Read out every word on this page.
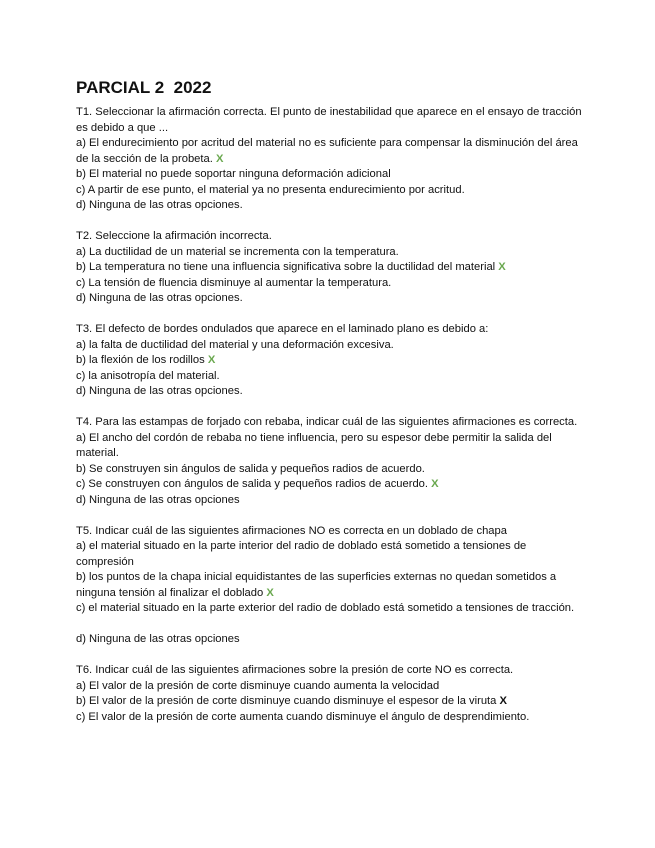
PARCIAL 2  2022
T1. Seleccionar la afirmación correcta. El punto de inestabilidad que aparece en el ensayo de tracción es debido a que ...
a) El endurecimiento por acritud del material no es suficiente para compensar la disminución del área de la sección de la probeta. X
b) El material no puede soportar ninguna deformación adicional
c) A partir de ese punto, el material ya no presenta endurecimiento por acritud.
d) Ninguna de las otras opciones.
T2. Seleccione la afirmación incorrecta.
a) La ductilidad de un material se incrementa con la temperatura.
b) La temperatura no tiene una influencia significativa sobre la ductilidad del material X
c) La tensión de fluencia disminuye al aumentar la temperatura.
d) Ninguna de las otras opciones.
T3. El defecto de bordes ondulados que aparece en el laminado plano es debido a:
a) la falta de ductilidad del material y una deformación excesiva.
b) la flexión de los rodillos X
c) la anisotropía del material.
d) Ninguna de las otras opciones.
T4. Para las estampas de forjado con rebaba, indicar cuál de las siguientes afirmaciones es correcta.
a) El ancho del cordón de rebaba no tiene influencia, pero su espesor debe permitir la salida del material.
b) Se construyen sin ángulos de salida y pequeños radios de acuerdo.
c) Se construyen con ángulos de salida y pequeños radios de acuerdo. X
d) Ninguna de las otras opciones
T5. Indicar cuál de las siguientes afirmaciones NO es correcta en un doblado de chapa
a) el material situado en la parte interior del radio de doblado está sometido a tensiones de compresión
b) los puntos de la chapa inicial equidistantes de las superficies externas no quedan sometidos a ninguna tensión al finalizar el doblado X
c) el material situado en la parte exterior del radio de doblado está sometido a tensiones de tracción.
d) Ninguna de las otras opciones
T6. Indicar cuál de las siguientes afirmaciones sobre la presión de corte NO es correcta.
a) El valor de la presión de corte disminuye cuando aumenta la velocidad
b) El valor de la presión de corte disminuye cuando disminuye el espesor de la viruta X
c) El valor de la presión de corte aumenta cuando disminuye el ángulo de desprendimiento.
